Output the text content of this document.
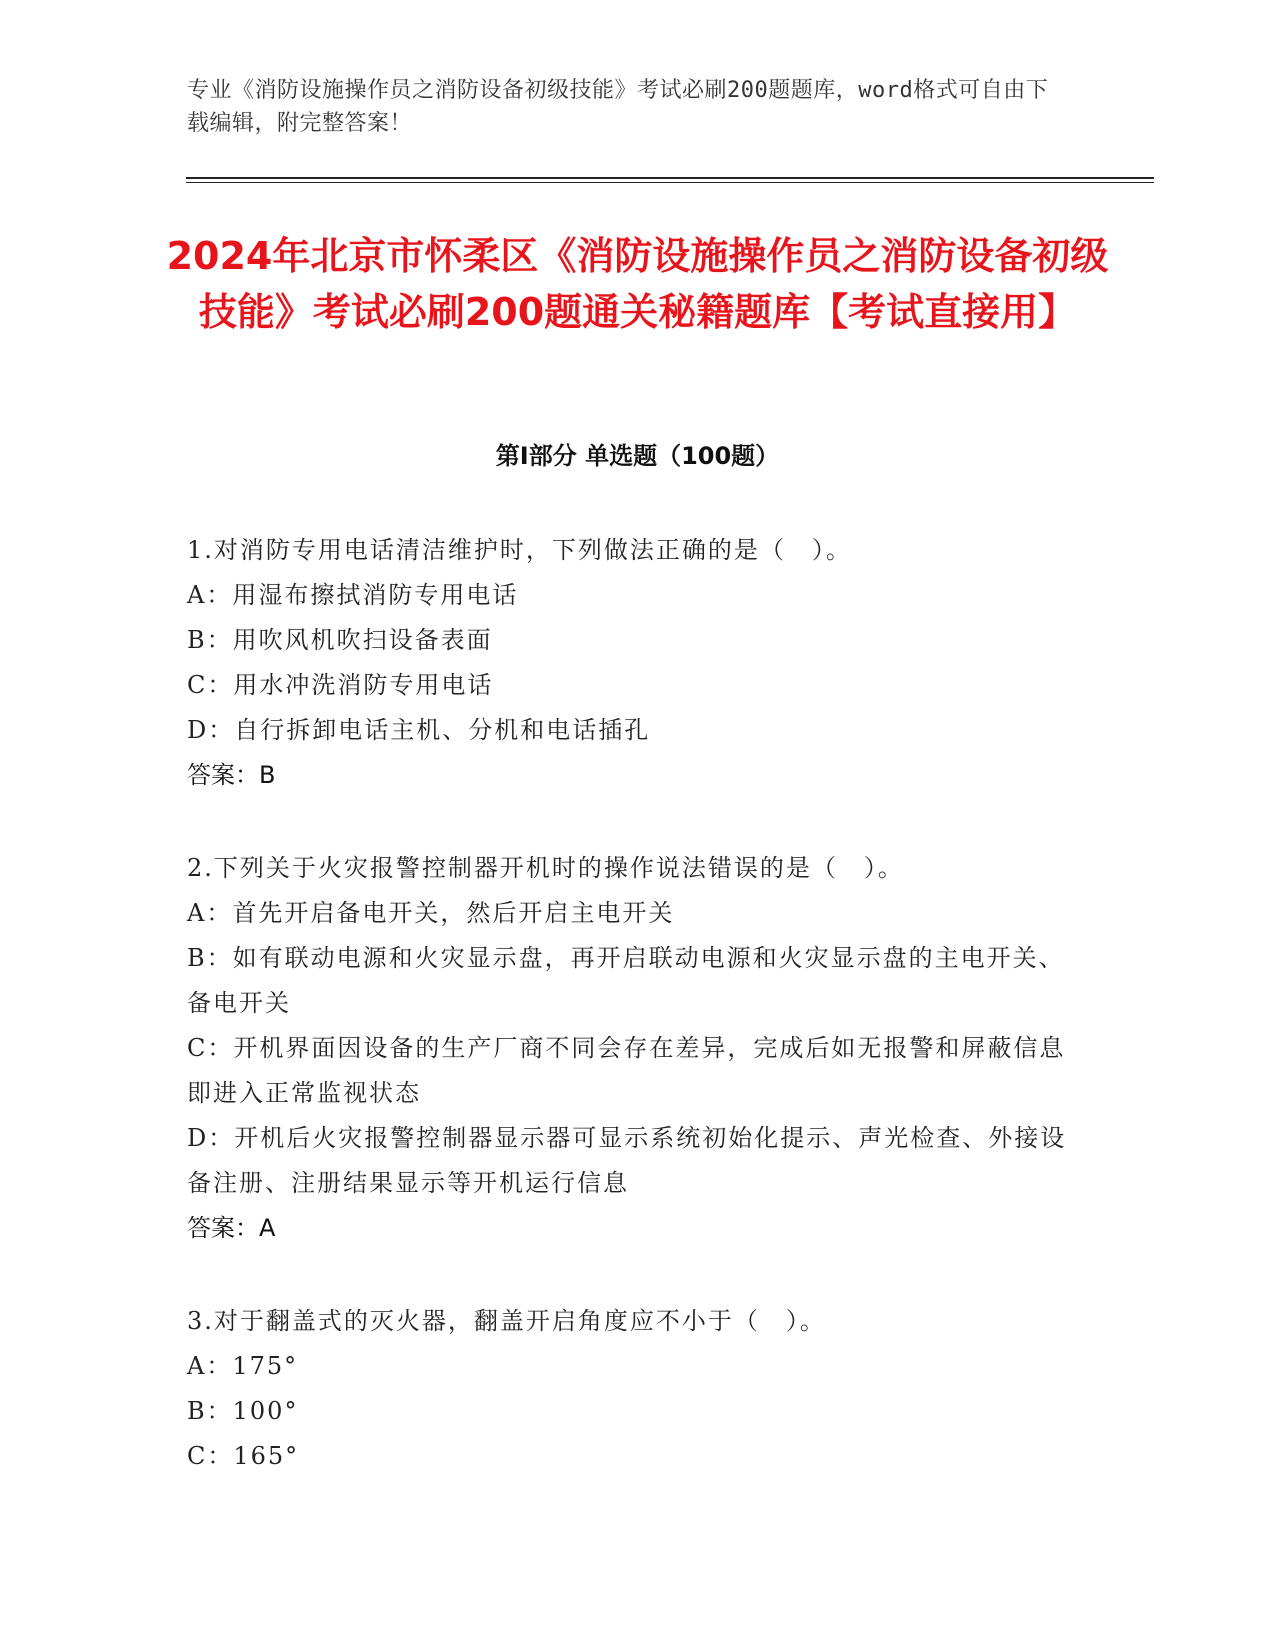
专业《消防设施操作员之消防设备初级技能》考试必刷200题题库，word格式可自由下载编辑，附完整答案！
2024年北京市怀柔区《消防设施操作员之消防设备初级技能》考试必刷200题通关秘籍题库【考试直接用】
第Ⅰ部分 单选题（100题）
1.对消防专用电话清洁维护时，下列做法正确的是（　）。
A：用湿布擦拭消防专用电话
B：用吹风机吹扫设备表面
C：用水冲洗消防专用电话
D：自行拆卸电话主机、分机和电话插孔
答案：B
2.下列关于火灾报警控制器开机时的操作说法错误的是（　）。
A：首先开启备电开关，然后开启主电开关
B：如有联动电源和火灾显示盘，再开启联动电源和火灾显示盘的主电开关、备电开关
C：开机界面因设备的生产厂商不同会存在差异，完成后如无报警和屏蔽信息即进入正常监视状态
D：开机后火灾报警控制器显示器可显示系统初始化提示、声光检查、外接设备注册、注册结果显示等开机运行信息
答案：A
3.对于翻盖式的灭火器，翻盖开启角度应不小于（　）。
A：175°
B：100°
C：165°
